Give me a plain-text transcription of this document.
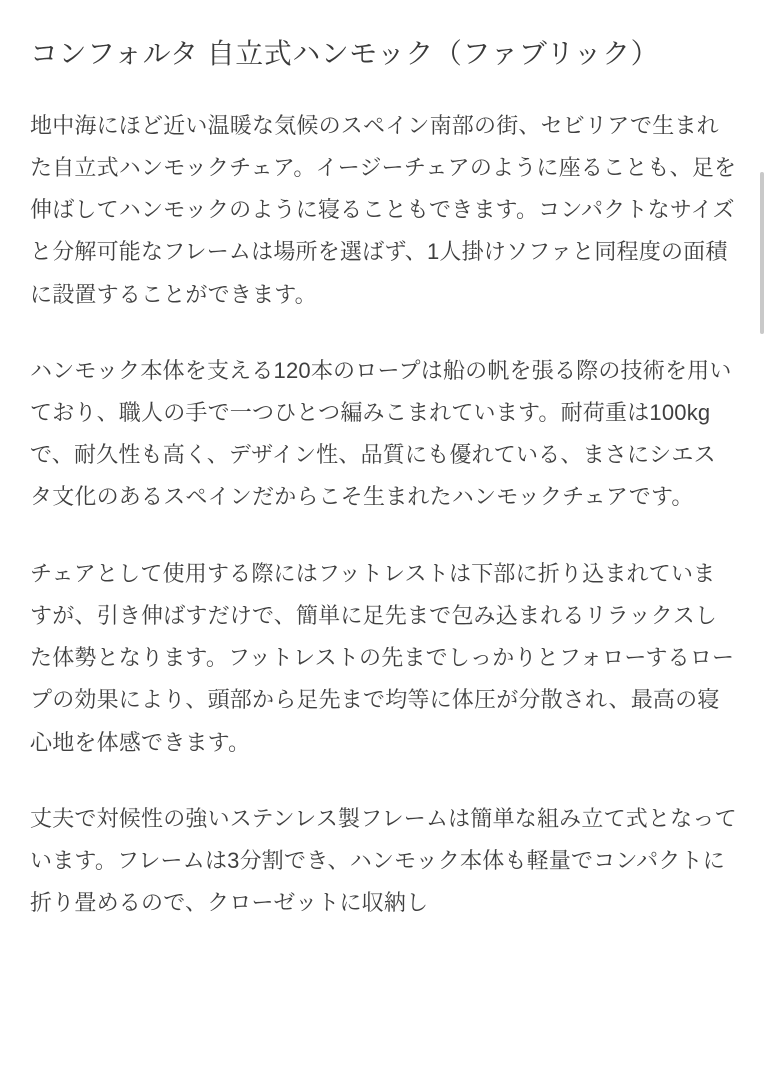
コンフォルタ 自立式ハンモック（ファブリック）

地中海にほど近い温暖な気候のスペイン南部の街、セビリアで生まれた自立式ハンモックチェア。イージーチェアのように座ることも、足を伸ばしてハンモックのように寝ることもできます。コンパクトなサイズと分解可能なフレームは場所を選ばず、1人掛けソファと同程度の面積に設置することができます。

ハンモック本体を支える120本のロープは船の帆を張る際の技術を用いており、職人の手で一つひとつ編みこまれています。耐荷重は100kgで、耐久性も高く、デザイン性、品質にも優れている、まさにシエスタ文化のあるスペインだからこそ生まれたハンモックチェアです。

チェアとして使用する際にはフットレストは下部に折り込まれていますが、引き伸ばすだけで、簡単に足先まで包み込まれるリラックスした体勢となります。フットレストの先までしっかりとフォローするロープの効果により、頭部から足先まで均等に体圧が分散され、最高の寝心地を体感できます。

丈夫で対候性の強いステンレス製フレームは簡単な組み立て式となっています。フレームは3分割でき、ハンモック本体も軽量でコンパクトに折り畳めるので、クローゼットに収納し
